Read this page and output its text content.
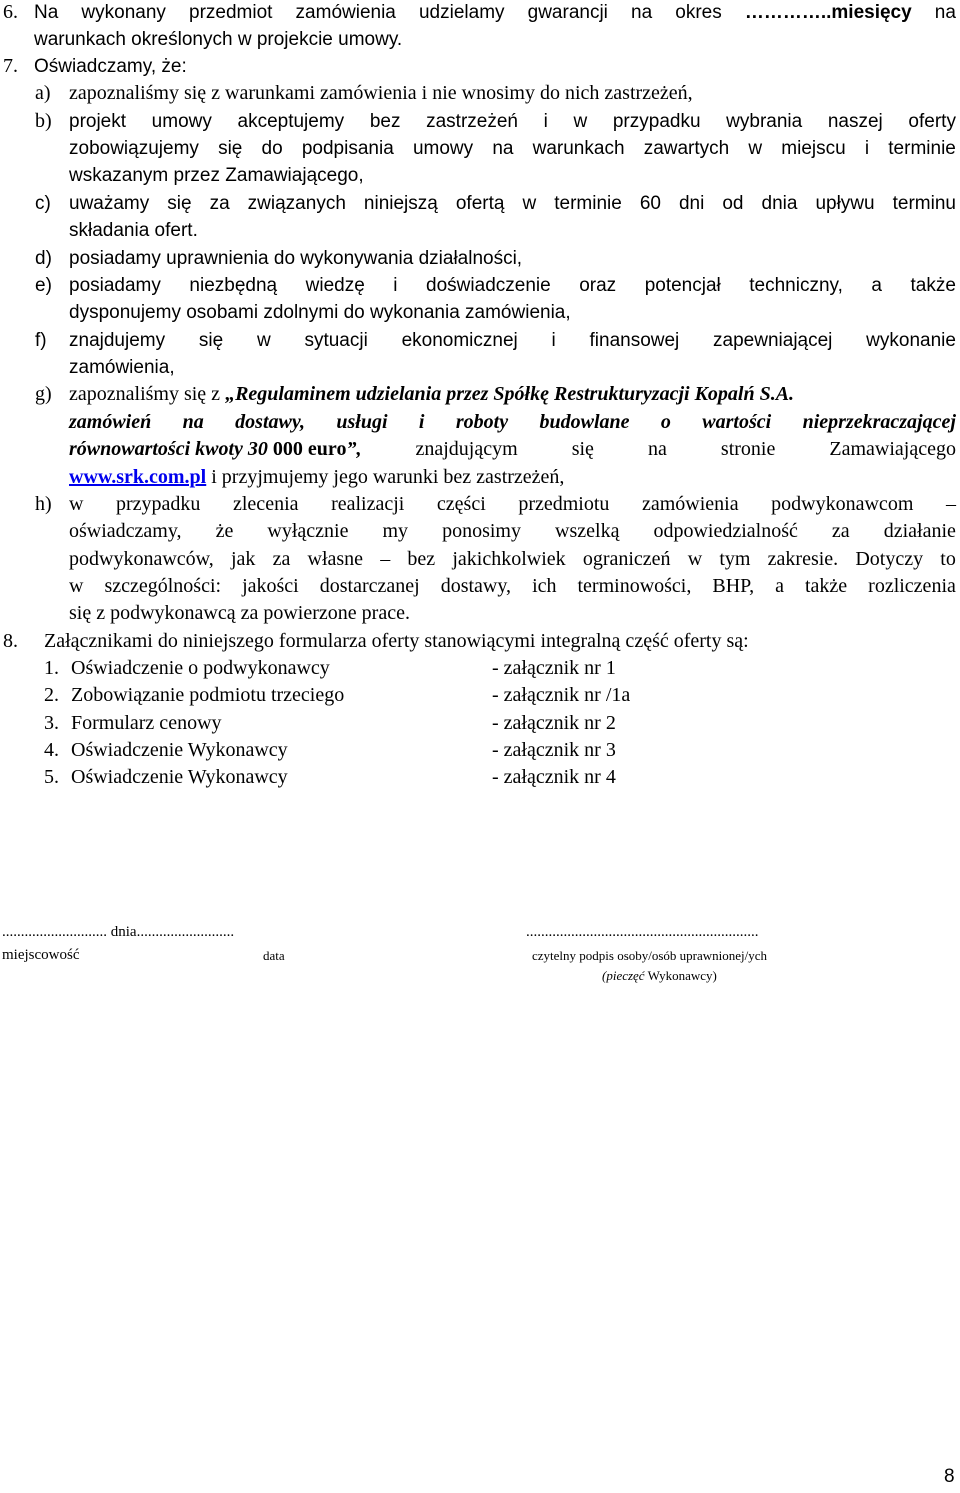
6. Na wykonany przedmiot zamówienia udzielamy gwarancji na okres …………..miesięcy na
warunkach określonych w projekcie umowy.
7. Oświadczamy, że:
a) zapoznaliśmy się z warunkami zamówienia i nie wnosimy do nich zastrzeżeń,
b) projekt umowy akceptujemy bez zastrzeżeń i w przypadku wybrania naszej oferty
zobowiązujemy się do podpisania umowy na warunkach zawartych w miejscu i terminie
wskazanym przez Zamawiającego,
c) uważamy się za związanych niniejszą ofertą w terminie 60 dni od dnia upływu terminu
składania ofert.
d) posiadamy uprawnienia do wykonywania działalności,
e) posiadamy niezbędną wiedzę i doświadczenie oraz potencjał techniczny, a także
dysponujemy osobami zdolnymi do wykonania zamówienia,
f) znajdujemy się w sytuacji ekonomicznej i finansowej zapewniającej wykonanie
zamówienia,
g) zapoznaliśmy się z „Regulaminem udzielania przez Spółkę Restrukturyzacji Kopalń S.A.
zamówień na dostawy, usługi i roboty budowlane o wartości nieprzekraczającej
równowartości kwoty 30 000 euro”,	znajdującym	się	na	stronie	Zamawiającego
www.srk.com.pl i przyjmujemy jego warunki bez zastrzeżeń,
h) w przypadku zlecenia realizacji części przedmiotu zamówienia podwykonawcom –
oświadczamy, że wyłącznie my ponosimy wszelką odpowiedzialność za działanie
podwykonawców, jak za własne – bez jakichkolwiek ograniczeń w tym zakresie. Dotyczy to
w szczególności: jakości dostarczanej dostawy, ich terminowości, BHP, a także rozliczenia
się z podwykonawcą za powierzone prace.
8. Załącznikami do niniejszego formularza oferty stanowiącymi integralną część oferty są:
1. Oświadczenie o podwykonawcy	- załącznik nr 1
2. Zobowiązanie podmiotu trzeciego	- załącznik nr /1a
3. Formularz cenowy	- załącznik nr 2
4. Oświadczenie Wykonawcy	- załącznik nr 3
5. Oświadczenie Wykonawcy	- załącznik nr 4
............................ dnia..........................	..............................................................
miejscowość	data	czytelny podpis osoby/osób uprawnionej/ych
(pieczęć Wykonawcy)
8
